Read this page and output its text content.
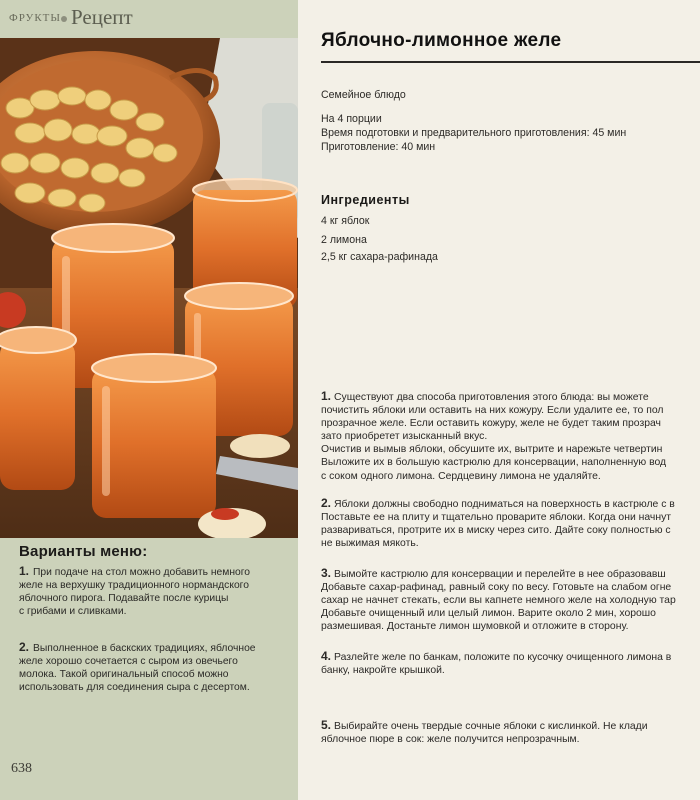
ФРУКТЫ Рецепт
Варианты меню:
1. При подаче на стол можно добавить немного
желе на верхушку традиционного нормандского
яблочного пирога. Подавайте после курицы
с грибами и сливками.
2. Выполненное в баскских традициях, яблочное
желе хорошо сочетается с сыром из овечьего
молока. Такой оригинальный способ можно
использовать для соединения сыра с десертом.
638
Яблочно-лимонное желе
Семейное блюдо
На 4 порции
Время подготовки и предварительного приготовления: 45 мин
Приготовление: 40 мин
Ингредиенты
4 кг яблок
2 лимона
2,5 кг сахара-рафинада
1. Существуют два способа приготовления этого блюда: вы можете
почистить яблоки или оставить на них кожуру. Если удалите ее, то пол
прозрачное желе. Если оставить кожуру, желе не будет таким прозрач
зато приобретет изысканный вкус.
Очистив и вымыв яблоки, обсушите их, вытрите и нарежьте четвертин
Выложите их в большую кастрюлю для консервации, наполненную вод
с соком одного лимона. Сердцевину лимона не удаляйте.
2. Яблоки должны свободно подниматься на поверхность в кастрюле с в
Поставьте ее на плиту и тщательно проварите яблоки. Когда они начнут
развариваться, протрите их в миску через сито. Дайте соку полностью с
не выжимая мякоть.
3. Вымойте кастрюлю для консервации и перелейте в нее образовавш
Добавьте сахар-рафинад, равный соку по весу. Готовьте на слабом огне
сахар не начнет стекать, если вы капнете немного желе на холодную тар
Добавьте очищенный или целый лимон. Варите около 2 мин, хорошо
размешивая. Достаньте лимон шумовкой и отложите в сторону.
4. Разлейте желе по банкам, положите по кусочку очищенного лимона в
банку, накройте крышкой.
5. Выбирайте очень твердые сочные яблоки с кислинкой. Не клади
яблочное пюре в сок: желе получится непрозрачным.
